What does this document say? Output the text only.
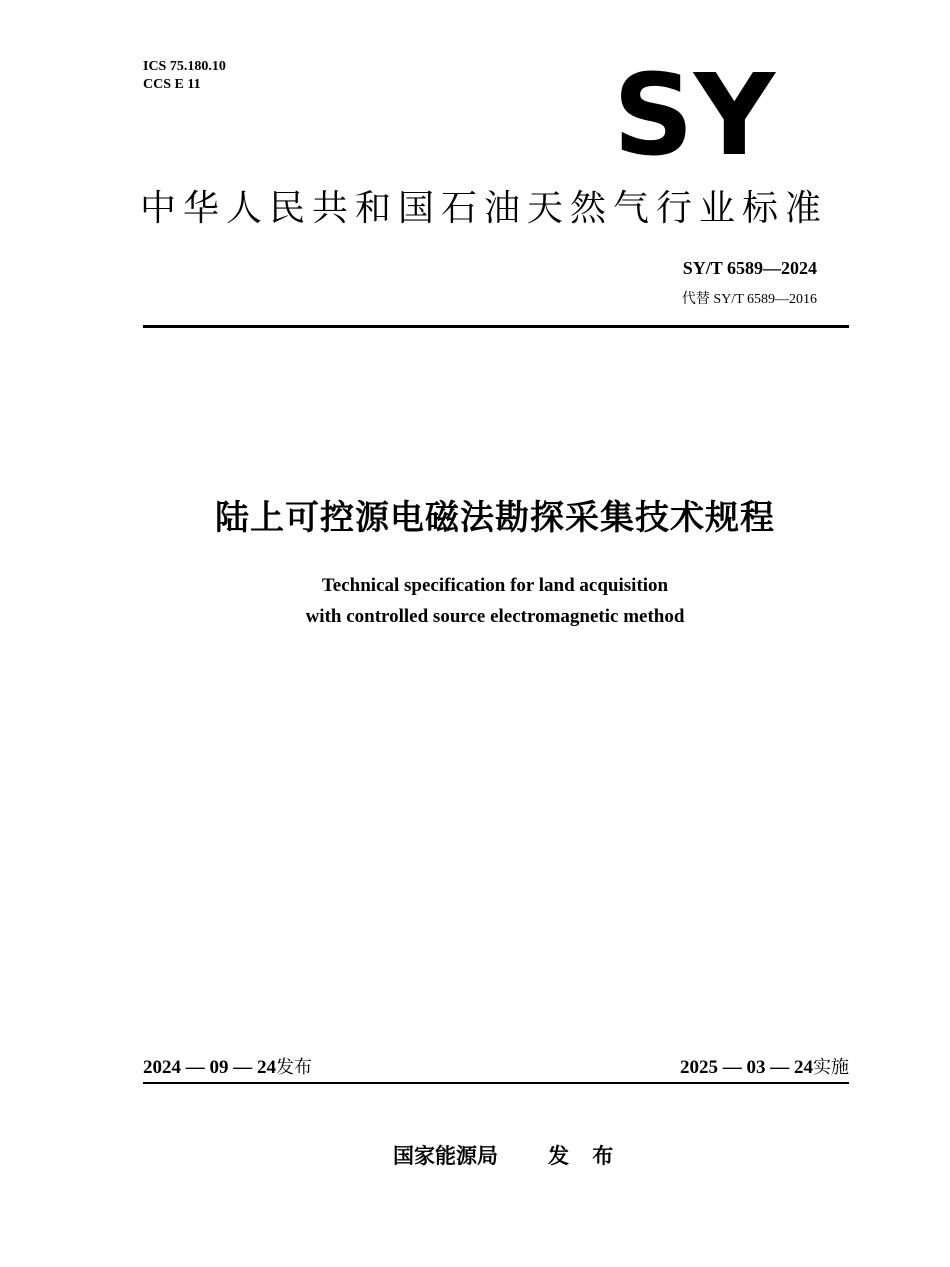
ICS 75.180.10
CCS E 11	SY
中华人民共和国石油天然气行业标准
SY/T 6589—2024
代替 SY/T 6589—2016
陆上可控源电磁法勘探采集技术规程
Technical specification for land acquisition
with controlled source electromagnetic method
2024 — 09 — 24发布	2025 — 03 — 24实施
国家能源局 发 布
